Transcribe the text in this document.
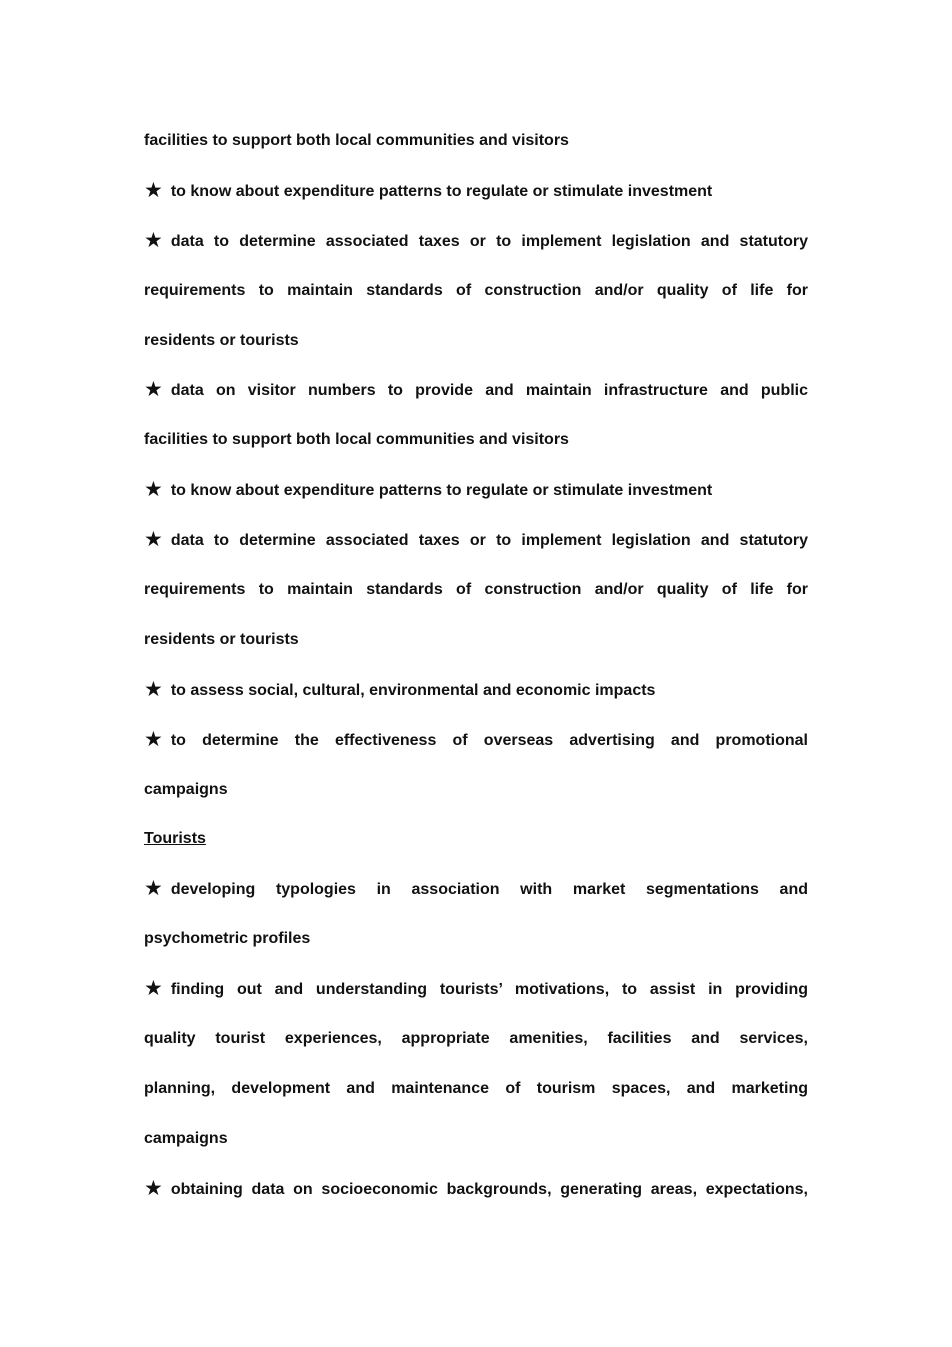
facilities to support both local communities and visitors
★ to know about expenditure patterns to regulate or stimulate investment
★ data to determine associated taxes or to implement legislation and statutory
requirements to maintain standards of construction and/or quality of life for
residents or tourists
★ data on visitor numbers to provide and maintain infrastructure and public
facilities to support both local communities and visitors
★ to know about expenditure patterns to regulate or stimulate investment
★ data to determine associated taxes or to implement legislation and statutory
requirements to maintain standards of construction and/or quality of life for
residents or tourists
★ to assess social, cultural, environmental and economic impacts
★ to determine the effectiveness of overseas advertising and promotional
campaigns
Tourists
★ developing typologies in association with market segmentations and
psychometric profiles
★ finding out and understanding tourists’ motivations, to assist in providing
quality tourist experiences, appropriate amenities, facilities and services,
planning, development and maintenance of tourism spaces, and marketing
campaigns
★ obtaining data on socioeconomic backgrounds, generating areas, expectations,
